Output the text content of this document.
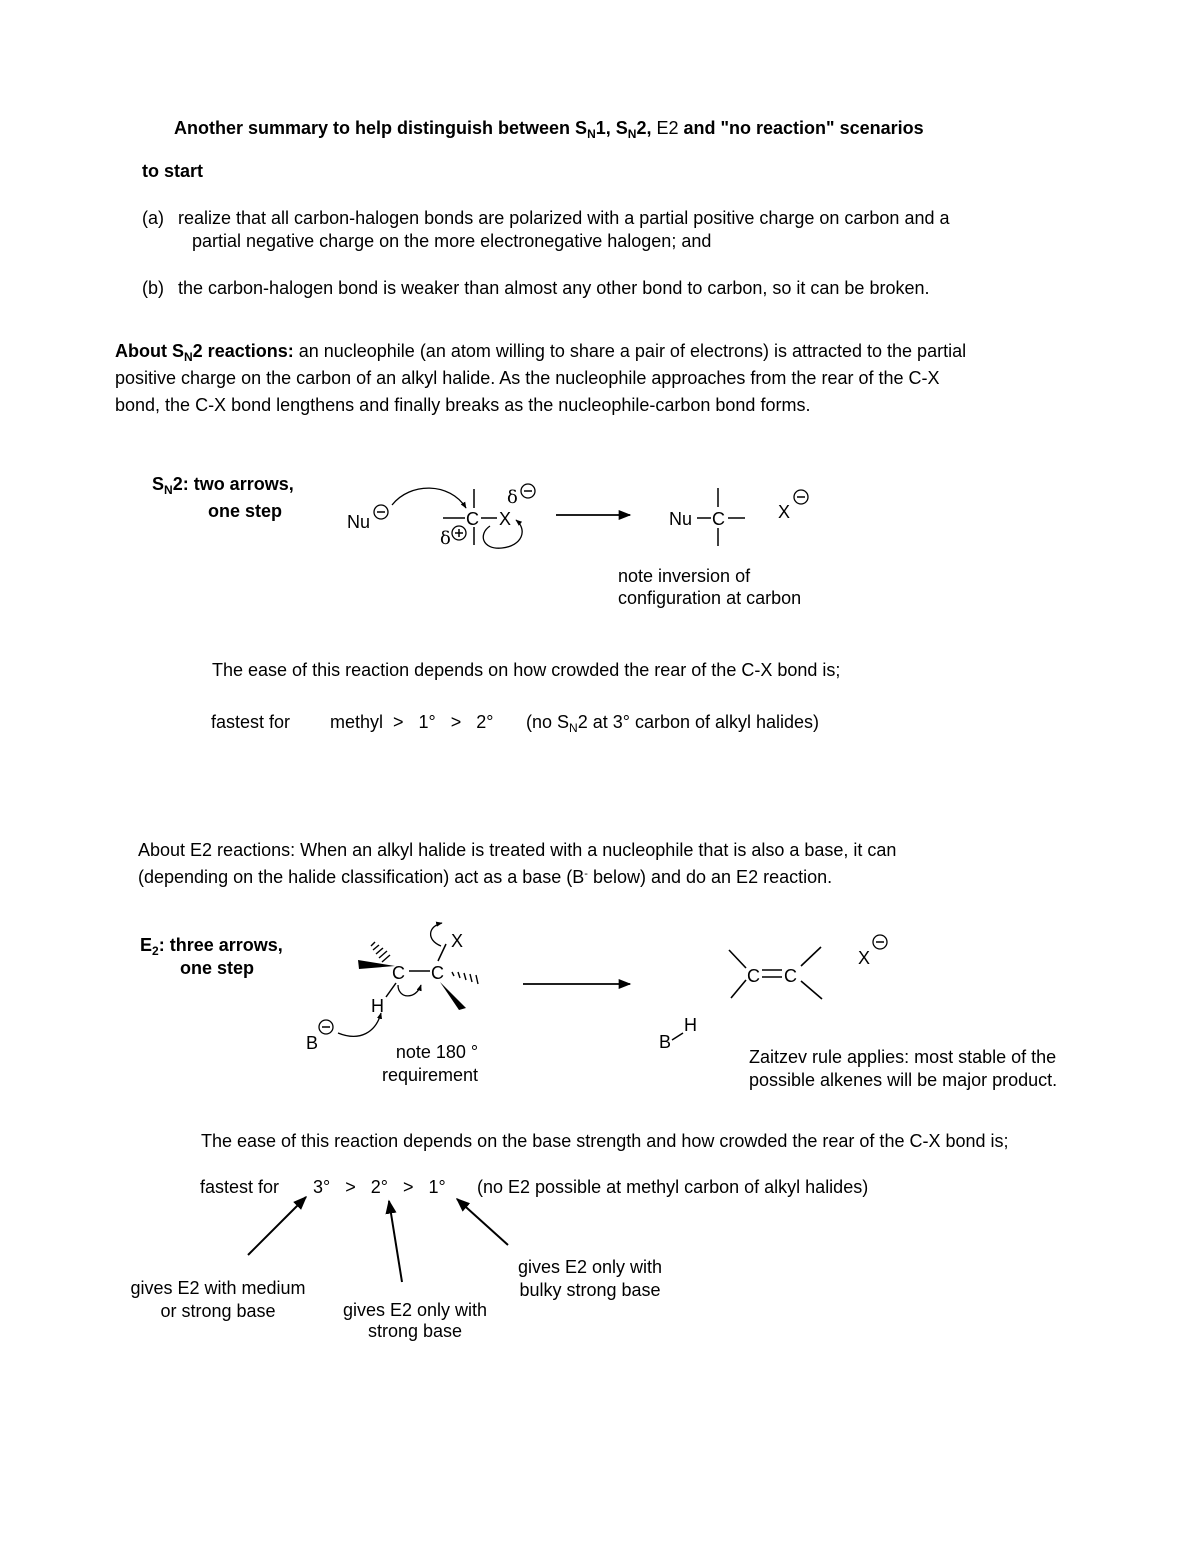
Another summary to help distinguish between $S_N1$, $S_N2$, E2 and "no reaction" scenarios
to start
(a) realize that all carbon-halogen bonds are polarized with a partial positive charge on carbon and a
partial negative charge on the more electronegative halogen; and
(b) the carbon-halogen bond is weaker than almost any other bond to carbon, so it can be broken.
About $S_N2$ reactions: an nucleophile (an atom willing to share a pair of electrons) is attracted to the partial
positive charge on the carbon of an alkyl halide. As the nucleophile approaches from the rear of the C-X
bond, the C-X bond lengthens and finally breaks as the nucleophile-carbon bond forms.
$S_N2$: two arrows,
one step
note inversion of
configuration at carbon
The ease of this reaction depends on how crowded the rear of the C-X bond is;
fastest for methyl  >   1°   >   2° (no $S_N2$ at 3° carbon of alkyl halides)
About E2 reactions: When an alkyl halide is treated with a nucleophile that is also a base, it can
(depending on the halide classification) act as a base (B- below) and do an E2 reaction.
$E_2$: three arrows,
one step
note 180 °
requirement
Zaitzev rule applies: most stable of the
possible alkenes will be major product.
The ease of this reaction depends on the base strength and how crowded the rear of the C-X bond is;
fastest for 3°   >   2°   >   1° (no E2 possible at methyl carbon of alkyl halides)
gives E2 with medium
or strong base	gives E2 only with
strong base
gives E2 only with
bulky strong base
Nu	C X
δ
δ
Nu C	X
C C
X
H
B
C C
X
B
H
